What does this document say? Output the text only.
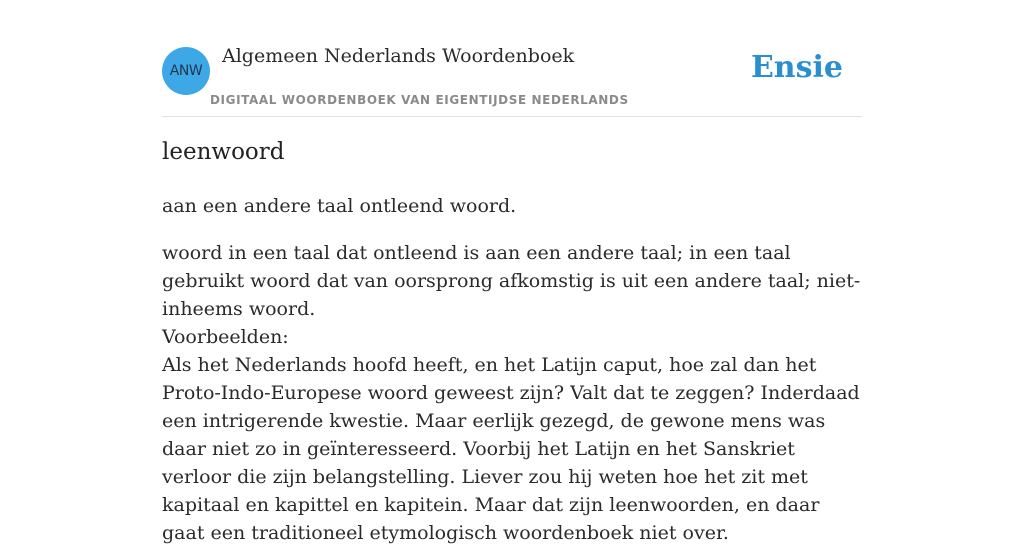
ANW
Algemeen Nederlands Woordenboek
DIGITAAL WOORDENBOEK VAN EIGENTIJDSE NEDERLANDS
Ensie
leenwoord
aan een andere taal ontleend woord.
woord in een taal dat ontleend is aan een andere taal; in een taal gebruikt woord dat van oorsprong afkomstig is uit een andere taal; niet-inheems woord.
Voorbeelden:
Als het Nederlands hoofd heeft, en het Latijn caput, hoe zal dan het Proto-Indo-Europese woord geweest zijn? Valt dat te zeggen? Inderdaad een intrigerende kwestie. Maar eerlijk gezegd, de gewone mens was daar niet zo in geïnteresseerd. Voorbij het Latijn en het Sanskriet verloor die zijn belangstelling. Liever zou hij weten hoe het zit met kapitaal en kapittel en kapitein. Maar dat zijn leenwoorden, en daar gaat een traditioneel etymologisch woordenboek niet over.
